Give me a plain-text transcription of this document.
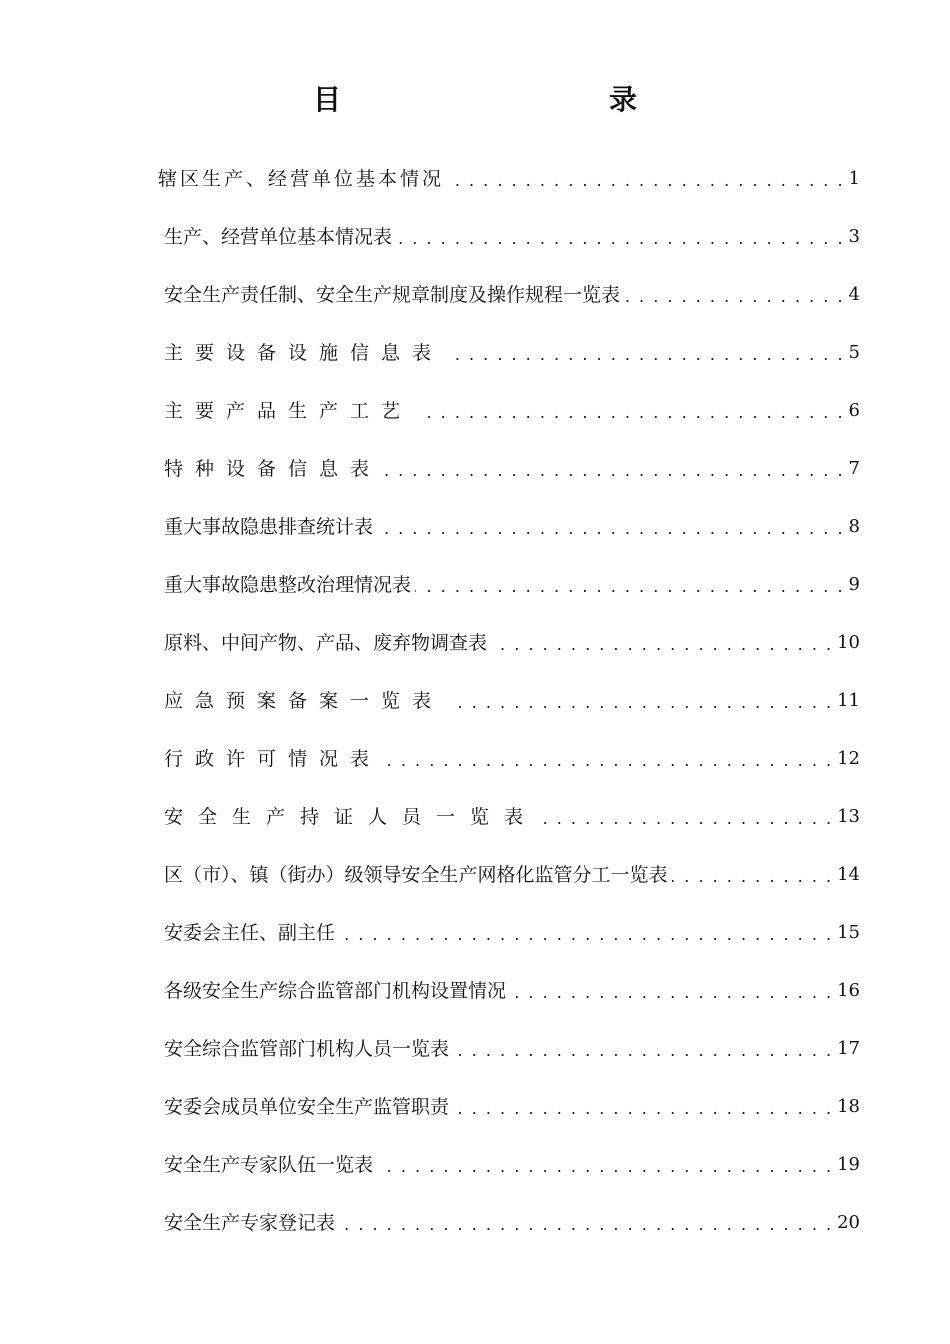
目　录
辖区生产、经营单位基本情况 . . .	1
生产、经营单位基本情况表 . . .	3
安全生产责任制、安全生产规章制度及操作规程一览表 . . .	4
主要设备设施信息表 . . .	5
主要产品生产工艺 . . .	6
特种设备信息表 . . .	7
重大事故隐患排查统计表 . . .	8
重大事故隐患整改治理情况表 . . .	9
原料、中间产物、产品、废弃物调查表 . . .	10
应急预案备案一览表 . . .	11
行政许可情况表 . . .	12
安全生产持证人员一览表 . . .	13
区（市）、镇（街办）级领导安全生产网格化监管分工一览表 . . .	14
安委会主任、副主任 . . .	15
各级安全生产综合监管部门机构设置情况 . . .	16
安全综合监管部门机构人员一览表 . . .	17
安委会成员单位安全生产监管职责 . . .	18
安全生产专家队伍一览表 . . .	19
安全生产专家登记表 . . .	20
